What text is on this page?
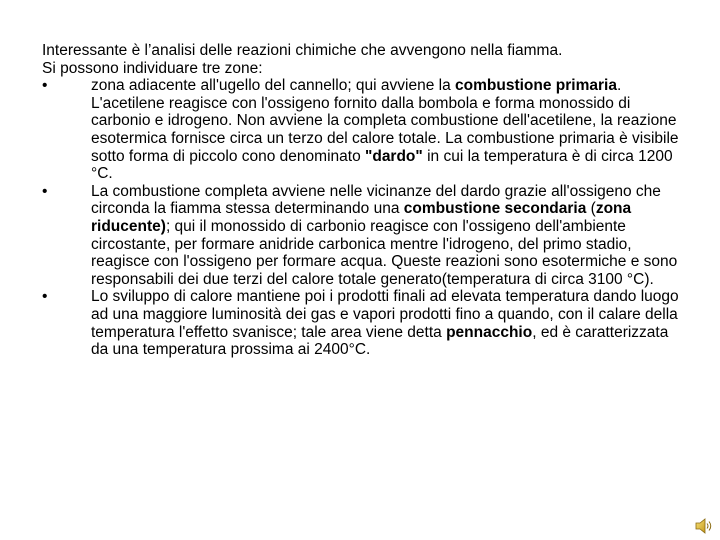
Interessante è l’analisi delle reazioni chimiche che avvengono nella fiamma.
Si possono individuare tre zone:
•	zona adiacente all'ugello del cannello; qui avviene la combustione primaria. L'acetilene reagisce con l'ossigeno fornito dalla bombola e forma monossido di carbonio e idrogeno. Non avviene la completa combustione dell'acetilene, la reazione esotermica fornisce circa un terzo del calore totale. La combustione primaria è visibile sotto forma di piccolo cono denominato "dardo" in cui la temperatura è di circa 1200 °C.
•	La combustione completa avviene nelle vicinanze del dardo grazie all'ossigeno che circonda la fiamma stessa determinando una combustione secondaria (zona riducente); qui il monossido di carbonio reagisce con l'ossigeno dell'ambiente circostante, per formare anidride carbonica mentre l'idrogeno, del primo stadio, reagisce con l'ossigeno per formare acqua. Queste reazioni sono esotermiche e sono responsabili dei due terzi del calore totale generato(temperatura di circa 3100 °C).
•	Lo sviluppo di calore mantiene poi i prodotti finali ad elevata temperatura dando luogo ad una maggiore luminosità dei gas e vapori prodotti fino a quando, con il calare della temperatura l'effetto svanisce; tale area viene detta pennacchio, ed è caratterizzata da una temperatura prossima ai 2400°C.
